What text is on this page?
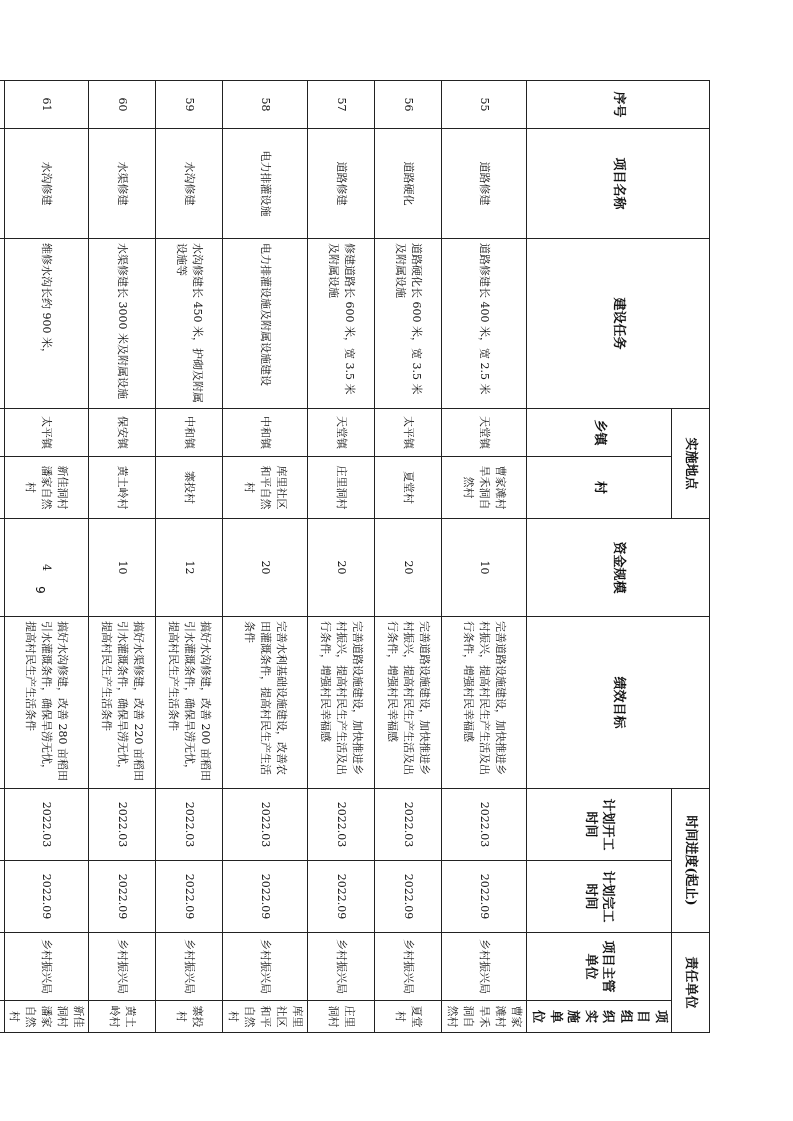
序号	项目名称	建设任务	实施地点		资金规模	绩效目标	时间进度(起止)		责任单位	
			乡镇	村			计划开工时间	计划完工时间	项目主管单位	项目组织实施单位
55	道路修建	道路修建长 400 米，宽 2.5 米	天堂镇	曹家滩村旱禾洞自然村	10	完善道路设施建设，加快推进乡村振兴，提高村民生产生活及出行条件，增强村民幸福感	2022.03	2022.09	乡村振兴局	曹家滩村旱禾洞自然村
56	道路硬化	道路硬化长 600 米，宽 3.5 米及附属设施	太平镇	夏堂村	20	完善道路设施建设，加快推进乡村振兴，提高村民生产生活及出行条件，增强村民幸福感	2022.03	2022.09	乡村振兴局	夏堂村
57	道路修建	修建道路长 600 米，宽 3.5 米及附属设施	天堂镇	庄里洞村	20	完善道路设施建设，加快推进乡村振兴，提高村民生产生活及出行条件，增强村民幸福感	2022.03	2022.09	乡村振兴局	庄里洞村
58	电力排灌设施	电力排灌设施及附属设施建设	中和镇	库里社区和平自然村	20	完善水利基础设施建设，改善农田灌溉条件，提高村民生产生活条件	2022.03	2022.09	乡村振兴局	库里社区和平自然村
59	水沟修建	水沟修建长 450 米，护砌及附属设施等	中和镇	寨投村	12	搞好水沟修建，改善 200 亩稻田引水灌溉条件，确保旱涝无忧，提高村民生产生活条件	2022.03	2022.09	乡村振兴局	寨投村
60	水渠修建	水渠修建长 3000 米及附属设施	保安镇	黄土岭村	10	搞好水渠修建，改善 220 亩稻田引水灌溉条件，确保旱涝无忧，提高村民生产生活条件	2022.03	2022.09	乡村振兴局	黄土岭村
61	水沟修建	维修水沟长约 900 米，	太平镇	新佳洞村潘家自然村	4	搞好水沟修建，改善 280 亩稻田引水灌溉条件，确保旱涝无忧，提高村民生产生活条件	2022.03	2022.09	乡村振兴局	新佳洞村潘家自然村

9
